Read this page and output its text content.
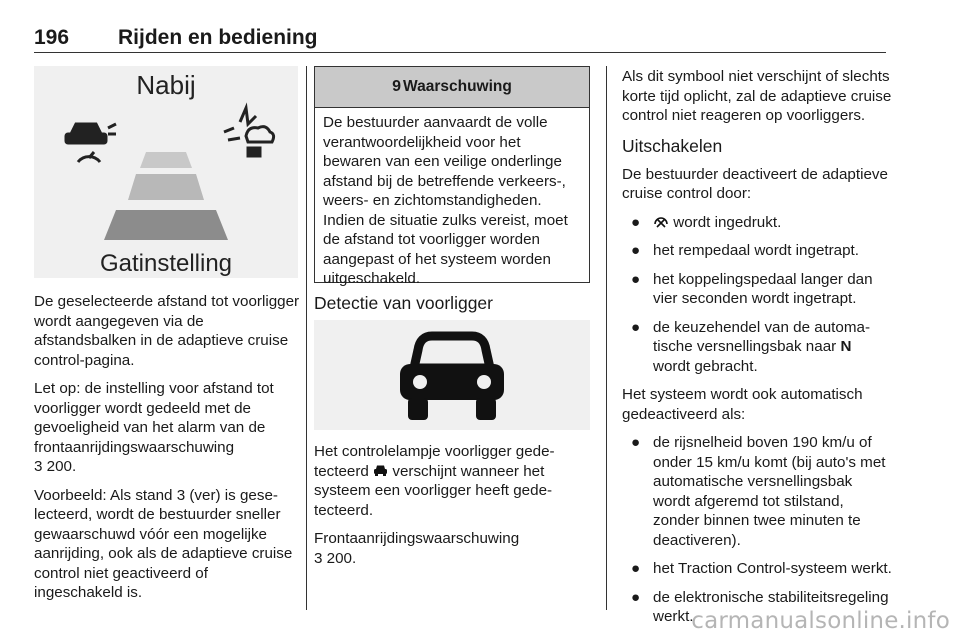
196 Rijden en bediening
Nabij
Gatinstelling

De geselecteerde afstand tot voorligger wordt aangegeven via de afstandsbalken in de adaptieve cruise control-pagina.

Let op: de instelling voor afstand tot voorligger wordt gedeeld met de gevoeligheid van het alarm van de frontaanrijdingswaarschuwing
3 200.

Voorbeeld: Als stand 3 (ver) is geselecteerd, wordt de bestuurder sneller gewaarschuwd vóór een mogelijke aanrijding, ook als de adaptieve cruise control niet geactiveerd of ingeschakeld is.

9 Waarschuwing
De bestuurder aanvaardt de volle verantwoordelijkheid voor het bewaren van een veilige onderlinge afstand bij de betreffende verkeers-, weers- en zichtomstandigheden. Indien de situatie zulks vereist, moet de afstand tot voorligger worden aangepast of het systeem worden uitgeschakeld.
Detectie van voorligger

Het controlelampje voorligger gedetecteerd verschijnt wanneer het systeem een voorligger heeft gedetecteerd.

Frontaanrijdingswaarschuwing
3 200.

Als dit symbool niet verschijnt of slechts korte tijd oplicht, zal de adaptieve cruise control niet reageren op voorliggers.

Uitschakelen

De bestuurder deactiveert de adaptieve cruise control door:

● wordt ingedrukt.
● het rempedaal wordt ingetrapt.
● het koppelingspedaal langer dan vier seconden wordt ingetrapt.
● de keuzehendel van de automatische versnellingsbak naar N wordt gebracht.

Het systeem wordt ook automatisch gedeactiveerd als:

● de rijsnelheid boven 190 km/u of onder 15 km/u komt (bij auto's met automatische versnellingsbak wordt afgeremd tot stilstand, zonder binnen twee minuten te deactiveren).
● het Traction Control-systeem werkt.
● de elektronische stabiliteitsregeling werkt.
carmanualsonline.info
